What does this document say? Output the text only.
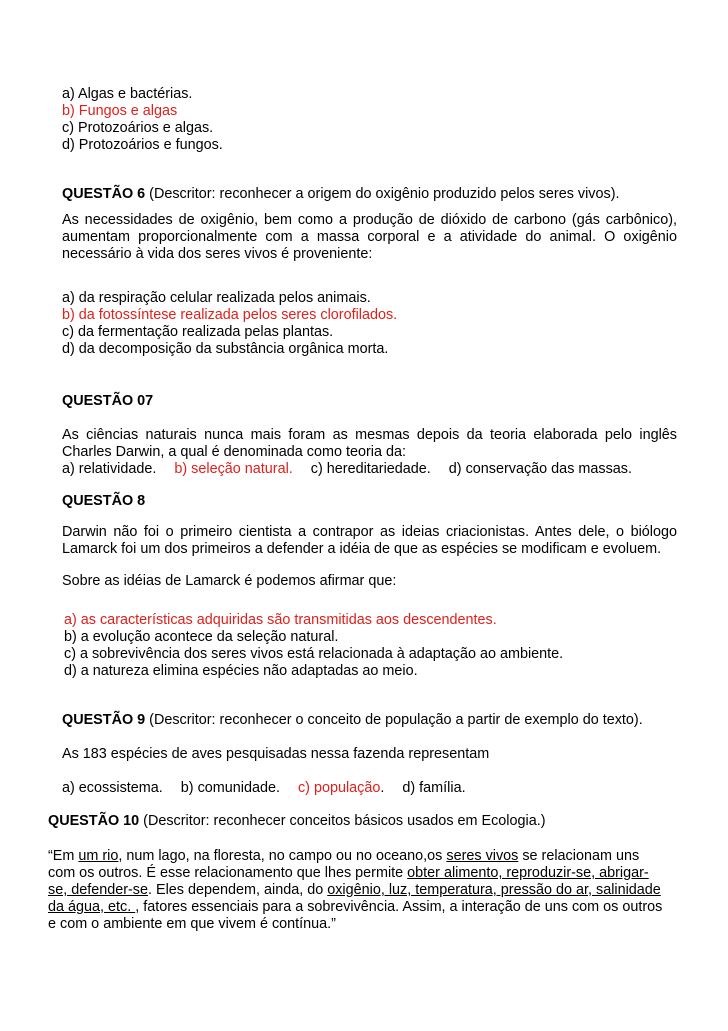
a) Algas e bactérias.
b) Fungos e algas
c) Protozoários e algas.
d) Protozoários e fungos.
QUESTÃO 6 (Descritor: reconhecer a origem do oxigênio produzido pelos seres vivos).
As necessidades de oxigênio, bem como a produção de dióxido de carbono (gás carbônico),
aumentam proporcionalmente com a massa corporal e a atividade do animal. O oxigênio
necessário à vida dos seres vivos é proveniente:
a) da respiração celular realizada pelos animais.
b) da fotossíntese realizada pelos seres clorofilados.
c) da fermentação realizada pelas plantas.
d) da decomposição da substância orgânica morta.
QUESTÃO 07
As ciências naturais nunca mais foram as mesmas depois da teoria elaborada pelo inglês
Charles Darwin, a qual é denominada como teoria da:
a) relatividade. b) seleção natural. c) hereditariedade. d) conservação das massas.
QUESTÃO 8
Darwin não foi o primeiro cientista a contrapor as ideias criacionistas. Antes dele, o biólogo
Lamarck foi um dos primeiros a defender a idéia de que as espécies se modificam e evoluem.
Sobre as idéias de Lamarck é podemos afirmar que:
a) as características adquiridas são transmitidas aos descendentes.
b) a evolução acontece da seleção natural.
c) a sobrevivência dos seres vivos está relacionada à adaptação ao ambiente.
d) a natureza elimina espécies não adaptadas ao meio.
QUESTÃO 9 (Descritor: reconhecer o conceito de população a partir de exemplo do texto).
As 183 espécies de aves pesquisadas nessa fazenda representam
a) ecossistema. b) comunidade. c) população. d) família.
QUESTÃO 10 (Descritor: reconhecer conceitos básicos usados em Ecologia.)
“Em um rio, num lago, na floresta, no campo ou no oceano,os seres vivos se relacionam uns
com os outros. É esse relacionamento que lhes permite obter alimento, reproduzir-se, abrigar-
se, defender-se. Eles dependem, ainda, do oxigênio, luz, temperatura, pressão do ar, salinidade
da água, etc. , fatores essenciais para a sobrevivência. Assim, a interação de uns com os outros
e com o ambiente em que vivem é contínua.”
